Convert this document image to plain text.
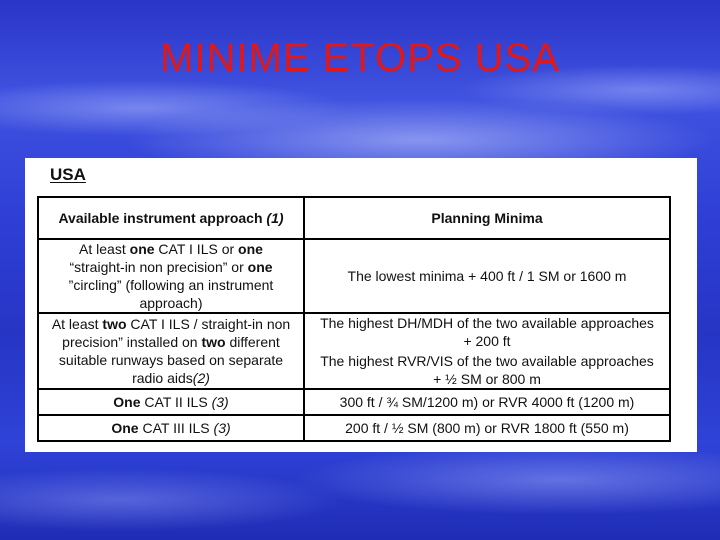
MINIME ETOPS USA
USA
Available instrument approach (1)	Planning Minima
At least one CAT I ILS or one
“straight-in non precision” or one
”circling” (following an instrument approach)	The lowest minima + 400 ft / 1 SM or 1600 m
At least two CAT I ILS / straight-in non precision” installed on two different suitable runways based on separate radio aids(2)	The highest DH/MDH of the two available approaches
+ 200 ft
The highest RVR/VIS of the two available approaches
+ ½ SM or 800 m

One CAT II ILS (3)	300 ft / ¾ SM/1200 m) or RVR 4000 ft (1200 m)
One CAT III ILS (3)	200 ft / ½ SM (800 m) or RVR 1800 ft (550 m)
